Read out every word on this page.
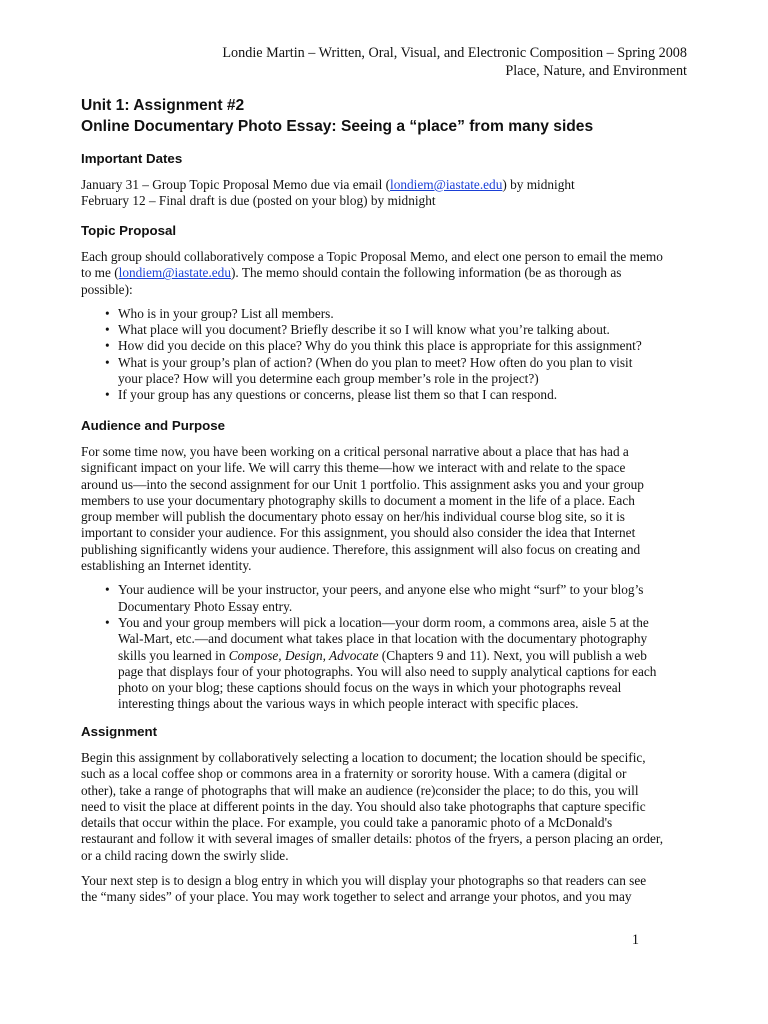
Londie Martin – Written, Oral, Visual, and Electronic Composition – Spring 2008
Place, Nature, and Environment
Unit 1: Assignment #2
Online Documentary Photo Essay: Seeing a “place” from many sides
Important Dates
January 31 – Group Topic Proposal Memo due via email (londiem@iastate.edu) by midnight
February 12 – Final draft is due (posted on your blog) by midnight
Topic Proposal
Each group should collaboratively compose a Topic Proposal Memo, and elect one person to email the memo
to me (londiem@iastate.edu). The memo should contain the following information (be as thorough as
possible):
• Who is in your group? List all members.
• What place will you document? Briefly describe it so I will know what you’re talking about.
• How did you decide on this place? Why do you think this place is appropriate for this assignment?
• What is your group’s plan of action? (When do you plan to meet? How often do you plan to visit
your place? How will you determine each group member’s role in the project?)
• If your group has any questions or concerns, please list them so that I can respond.
Audience and Purpose
For some time now, you have been working on a critical personal narrative about a place that has had a
significant impact on your life. We will carry this theme—how we interact with and relate to the space
around us—into the second assignment for our Unit 1 portfolio. This assignment asks you and your group
members to use your documentary photography skills to document a moment in the life of a place. Each
group member will publish the documentary photo essay on her/his individual course blog site, so it is
important to consider your audience. For this assignment, you should also consider the idea that Internet
publishing significantly widens your audience. Therefore, this assignment will also focus on creating and
establishing an Internet identity.
• Your audience will be your instructor, your peers, and anyone else who might “surf” to your blog’s
Documentary Photo Essay entry.
• You and your group members will pick a location—your dorm room, a commons area, aisle 5 at the
Wal-Mart, etc.—and document what takes place in that location with the documentary photography
skills you learned in Compose, Design, Advocate (Chapters 9 and 11). Next, you will publish a web
page that displays four of your photographs. You will also need to supply analytical captions for each
photo on your blog; these captions should focus on the ways in which your photographs reveal
interesting things about the various ways in which people interact with specific places.
Assignment
Begin this assignment by collaboratively selecting a location to document; the location should be specific,
such as a local coffee shop or commons area in a fraternity or sorority house. With a camera (digital or
other), take a range of photographs that will make an audience (re)consider the place; to do this, you will
need to visit the place at different points in the day. You should also take photographs that capture specific
details that occur within the place. For example, you could take a panoramic photo of a McDonald's
restaurant and follow it with several images of smaller details: photos of the fryers, a person placing an order,
or a child racing down the swirly slide.
Your next step is to design a blog entry in which you will display your photographs so that readers can see
the “many sides” of your place. You may work together to select and arrange your photos, and you may
1
